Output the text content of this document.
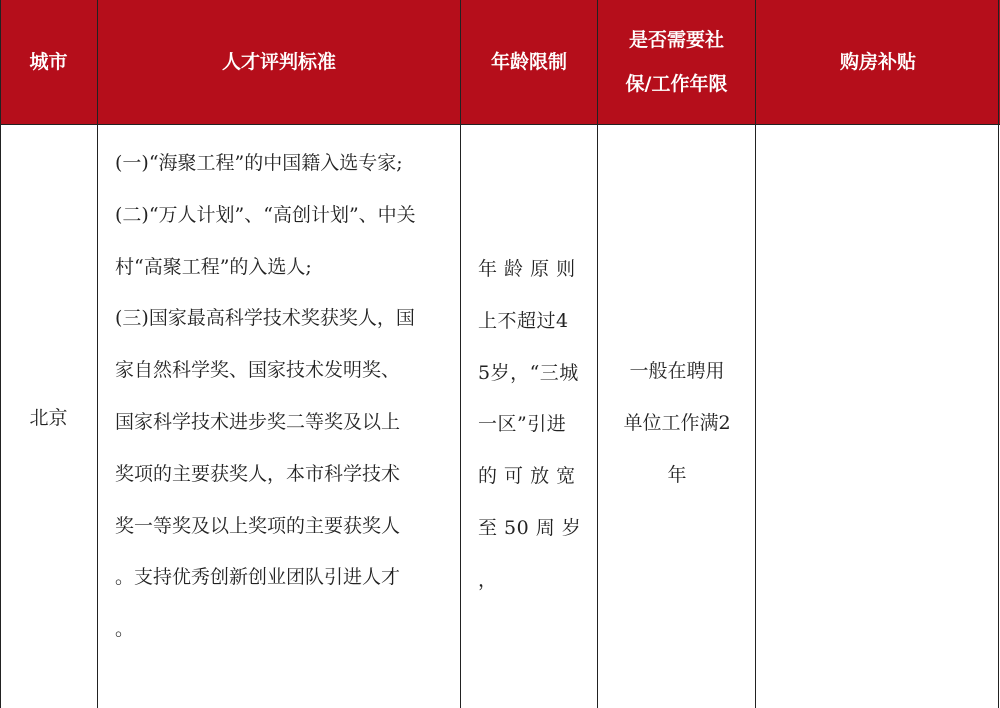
城市	人才评判标准	年龄限制
是否需要社
保/工作年限
购房补贴
北京
(一)“海聚工程”的中国籍入选专家;
(二)“万人计划”、“高创计划”、中关
村“高聚工程”的入选人;
(三)国家最高科学技术奖获奖人，国
家自然科学奖、国家技术发明奖、
国家科学技术进步奖二等奖及以上
奖项的主要获奖人，本市科学技术
奖一等奖及以上奖项的主要获奖人
。支持优秀创新创业团队引进人才
。
年 龄 原 则
上不超过4
5岁，“三城
一区”引进
的 可 放 宽
至 50 周 岁
，
一般在聘用
单位工作满2
年
